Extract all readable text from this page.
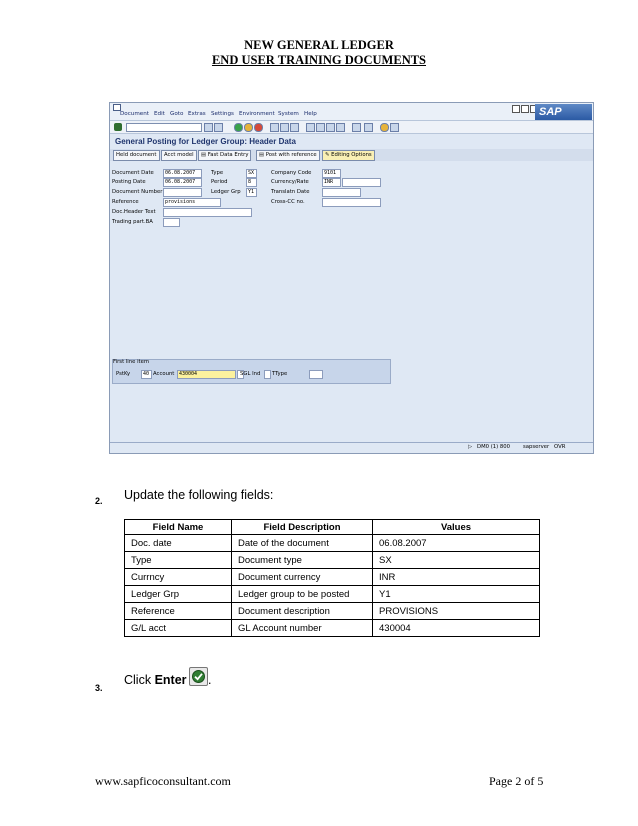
NEW GENERAL LEDGER
END USER TRAINING DOCUMENTS
Document Edit Goto Extras Settings Environment System Help	SAP
General Posting for Ledger Group: Header Data
Held document	Acct model	▤ Fast Data Entry	▤ Post with reference	✎ Editing Options
Document Date	06.08.2007
Posting Date	06.08.2007
Document Number
Reference	provisions
Doc.Header Text
Trading part.BA
Type	SX
Period	8
Ledger Grp	Y1
Company Code	9101
Currency/Rate	INR
Translatn Date
Cross-CC no.
First line item
PstKy	40 Account 430004	SGL Ind TType
▷ DM0 (1) 800 sapserver OVR
2. Update the following fields:
Field Name	Field Description	Values
Doc. date	Date of the document	06.08.2007
Type	Document type	SX
Currncy	Document currency	INR
Ledger Grp	Ledger group to be posted	Y1
Reference	Document description	PROVISIONS
G/L acct	GL Account number	430004
3.
Click Enter .
www.sapficoconsultant.com	Page 2 of 5
